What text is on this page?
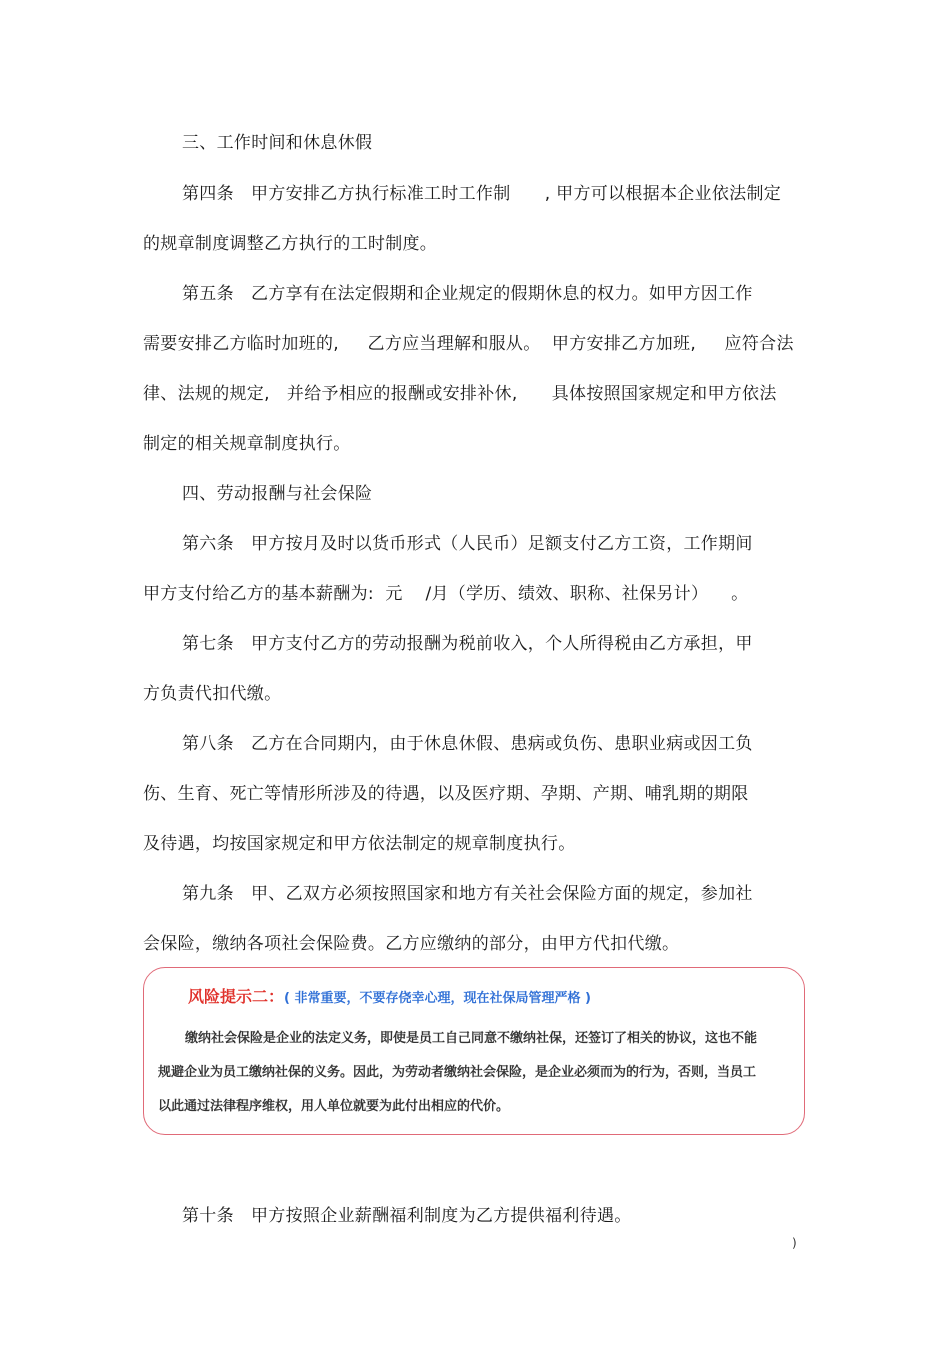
三、工作时间和休息休假
第四条   甲方安排乙方执行标准工时工作制      , 甲方可以根据本企业依法制定
的规章制度调整乙方执行的工时制度。
第五条   乙方享有在法定假期和企业规定的假期休息的权力。如甲方因工作
需要安排乙方临时加班的,     乙方应当理解和服从。  甲方安排乙方加班,     应符合法
律、法规的规定,   并给予相应的报酬或安排补休,      具体按照国家规定和甲方依法
制定的相关规章制度执行。
四、劳动报酬与社会保险
第六条   甲方按月及时以货币形式（人民币）足额支付乙方工资，工作期间
甲方支付给乙方的基本薪酬为:  元    /月（学历、绩效、职称、社保另计）    。
第七条   甲方支付乙方的劳动报酬为税前收入，个人所得税由乙方承担，甲
方负责代扣代缴。
第八条   乙方在合同期内，由于休息休假、患病或负伤、患职业病或因工负
伤、生育、死亡等情形所涉及的待遇，以及医疗期、孕期、产期、哺乳期的期限
及待遇，均按国家规定和甲方依法制定的规章制度执行。
第九条   甲、乙双方必须按照国家和地方有关社会保险方面的规定，参加社
会保险，缴纳各项社会保险费。乙方应缴纳的部分，由甲方代扣代缴。
风险提示二：( 非常重要，不要存侥幸心理，现在社保局管理严格 )
缴纳社会保险是企业的法定义务，即使是员工自己同意不缴纳社保，还签订了相关的协议，这也不能
规避企业为员工缴纳社保的义务。因此，为劳动者缴纳社会保险，是企业必须而为的行为，否则，当员工
以此通过法律程序维权，用人单位就要为此付出相应的代价。
第十条   甲方按照企业薪酬福利制度为乙方提供福利待遇。
)
